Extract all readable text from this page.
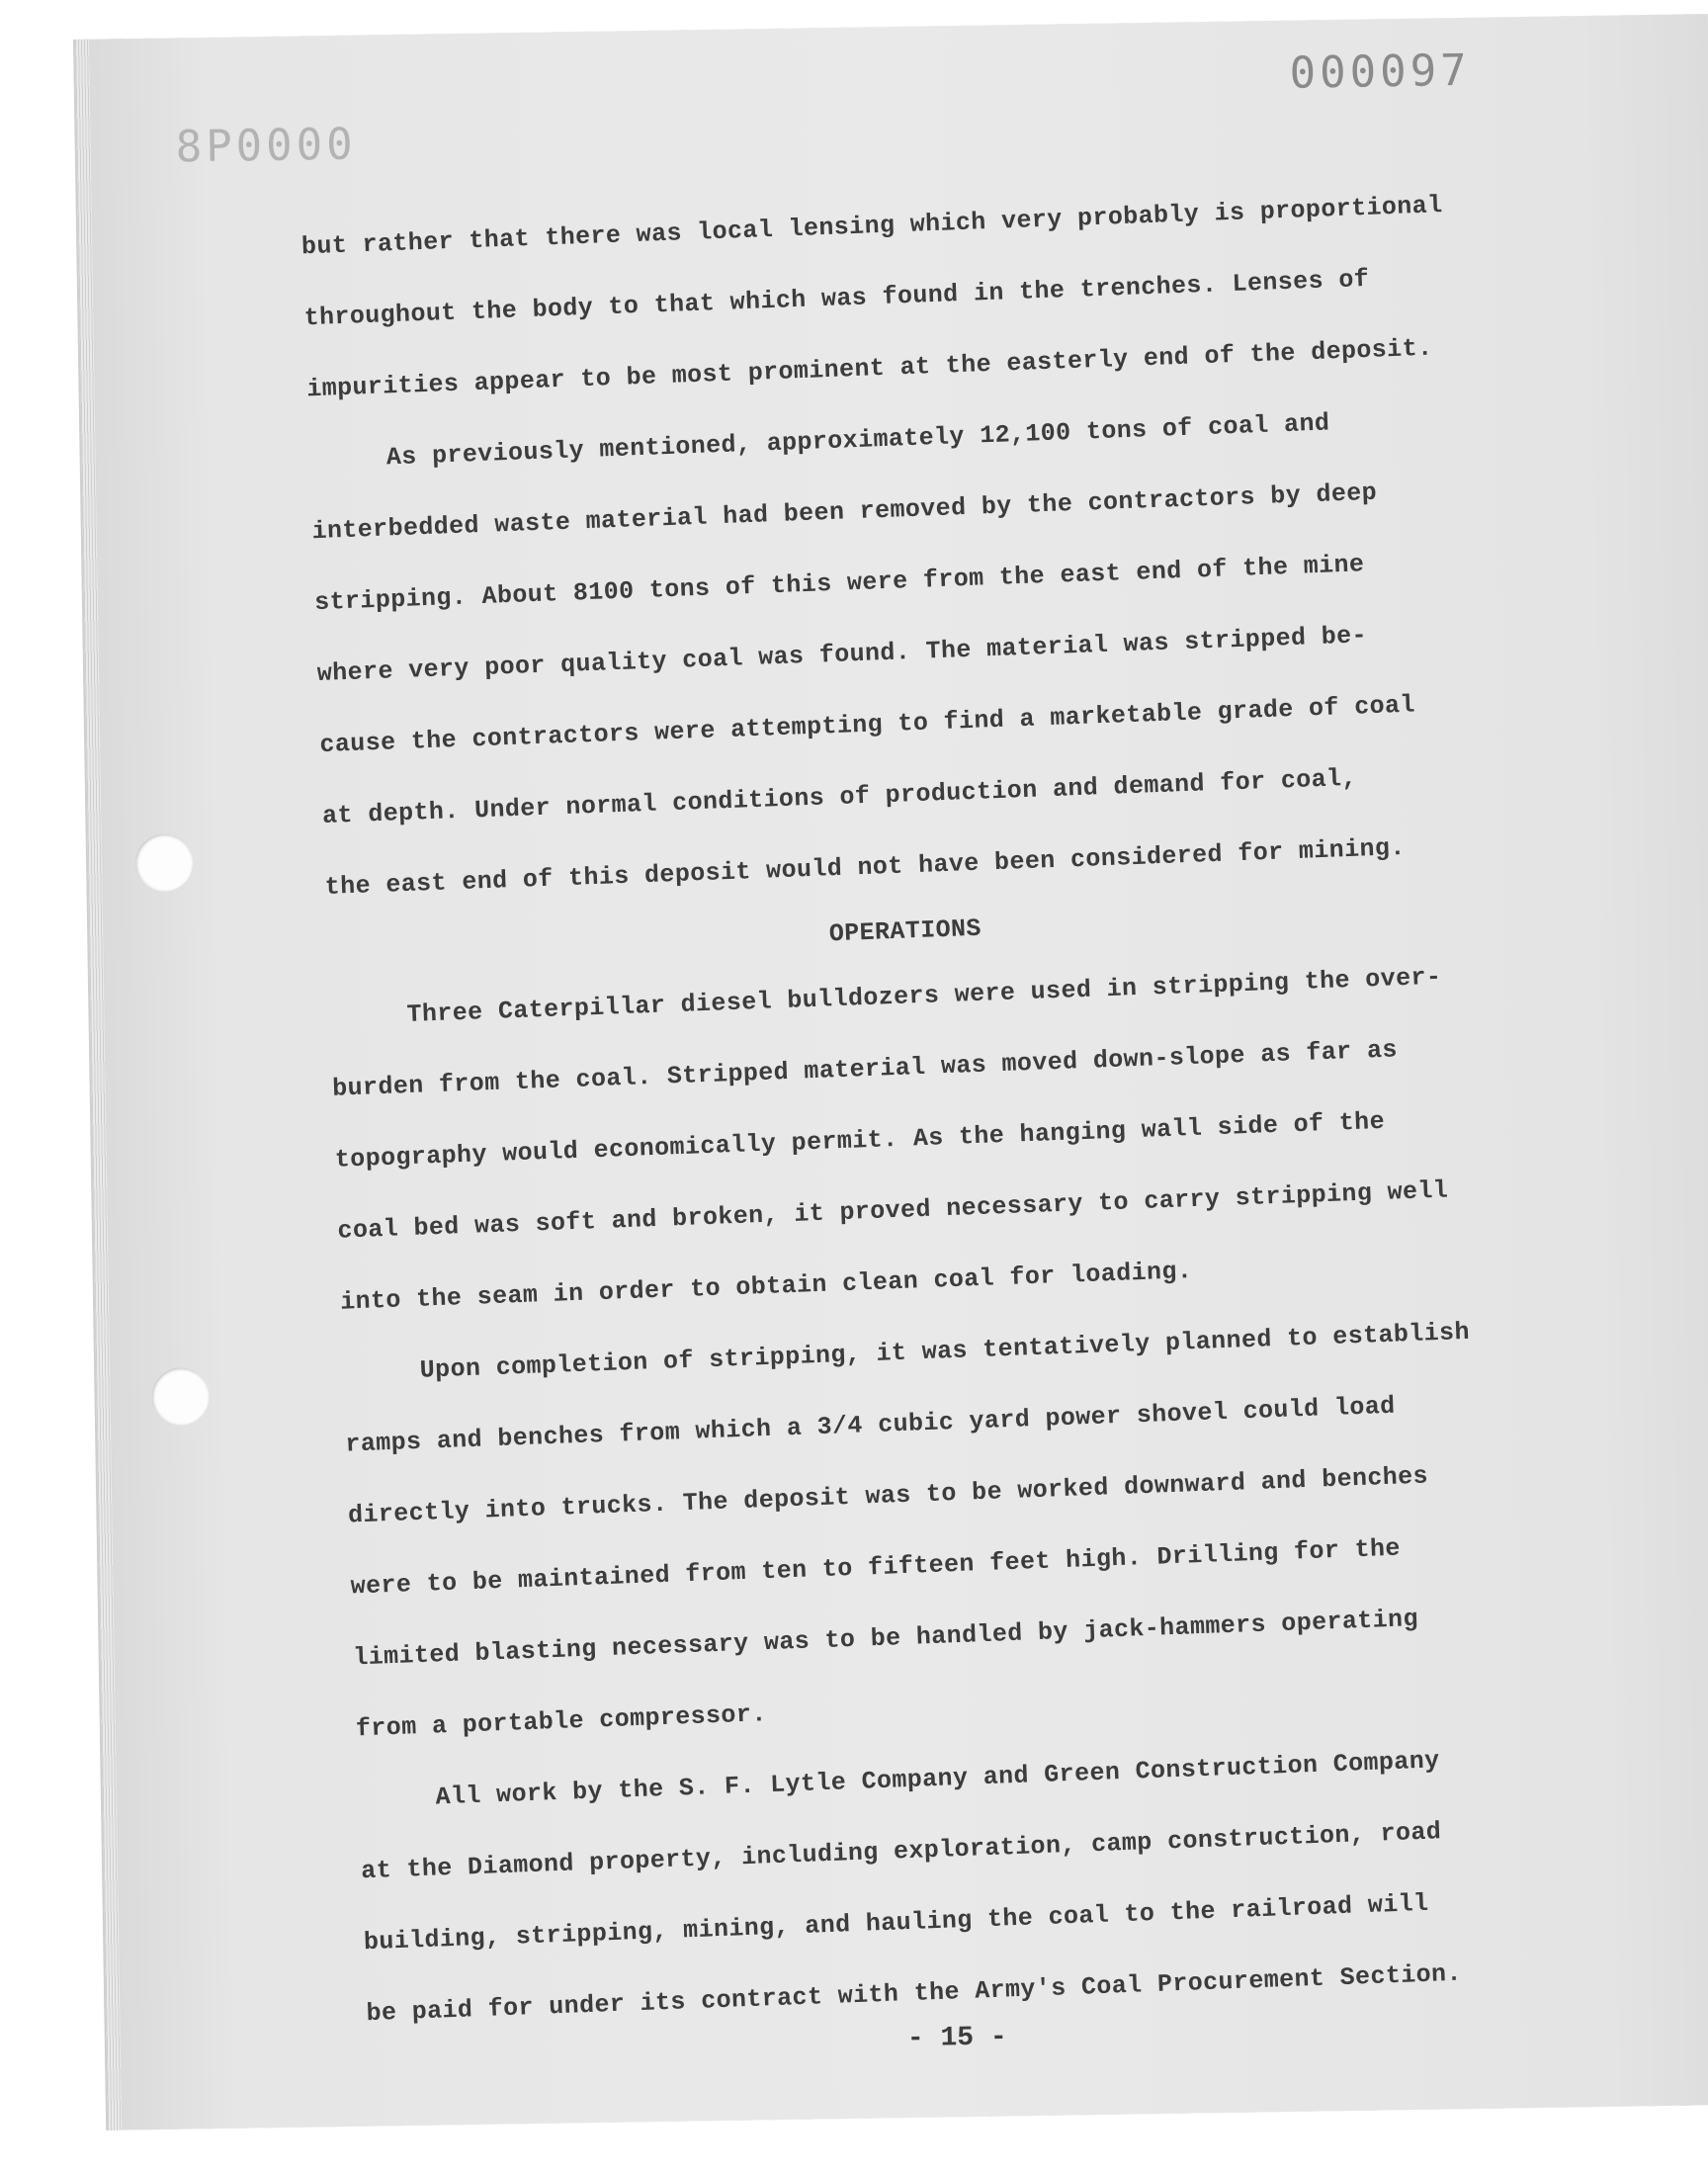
8P0000
000097
but rather that there was local lensing which very probably is proportional
throughout the body to that which was found in the trenches. Lenses of
impurities appear to be most prominent at the easterly end of the deposit.
As previously mentioned, approximately 12,100 tons of coal and
interbedded waste material had been removed by the contractors by deep
stripping. About 8100 tons of this were from the east end of the mine
where very poor quality coal was found. The material was stripped be-
cause the contractors were attempting to find a marketable grade of coal
at depth. Under normal conditions of production and demand for coal,
the east end of this deposit would not have been considered for mining.
OPERATIONS
Three Caterpillar diesel bulldozers were used in stripping the over-
burden from the coal. Stripped material was moved down-slope as far as
topography would economically permit. As the hanging wall side of the
coal bed was soft and broken, it proved necessary to carry stripping well
into the seam in order to obtain clean coal for loading.
Upon completion of stripping, it was tentatively planned to establish
ramps and benches from which a 3/4 cubic yard power shovel could load
directly into trucks. The deposit was to be worked downward and benches
were to be maintained from ten to fifteen feet high. Drilling for the
limited blasting necessary was to be handled by jack-hammers operating
from a portable compressor.
All work by the S. F. Lytle Company and Green Construction Company
at the Diamond property, including exploration, camp construction, road
building, stripping, mining, and hauling the coal to the railroad will
be paid for under its contract with the Army's Coal Procurement Section.
- 15 -
